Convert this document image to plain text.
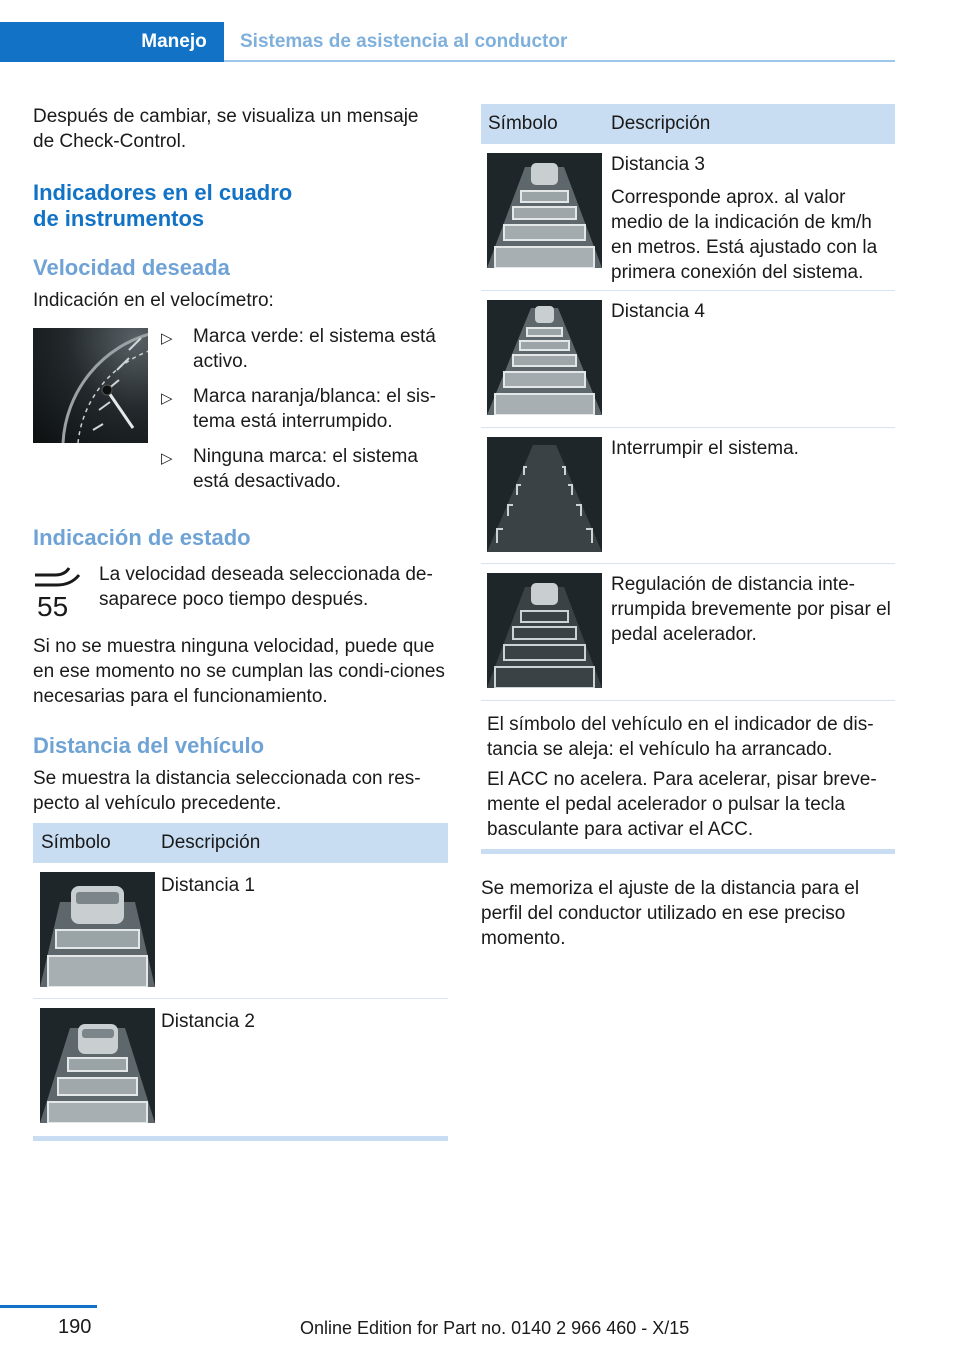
Manejo	Sistemas de asistencia al conductor
Después de cambiar, se visualiza un mensaje de Check-Control.
Indicadores en el cuadro de instrumentos
Velocidad deseada
Indicación en el velocímetro:
▷ Marca verde: el sistema está activo.
▷ Marca naranja/blanca: el sis-tema está interrumpido.
▷ Ninguna marca: el sistema está desactivado.
Indicación de estado
55
La velocidad deseada seleccionada de-saparece poco tiempo después.
Si no se muestra ninguna velocidad, puede que en ese momento no se cumplan las condi-ciones necesarias para el funcionamiento.
Distancia del vehículo
Se muestra la distancia seleccionada con res-pecto al vehículo precedente.
Símbolo	Descripción
Distancia 1
Distancia 2
Símbolo	Descripción
Distancia 3
Corresponde aprox. al valor medio de la indicación de km/h en metros. Está ajustado con la primera conexión del sistema.
Distancia 4
Interrumpir el sistema.
Regulación de distancia inte-rrumpida brevemente por pisar el pedal acelerador.
El símbolo del vehículo en el indicador de dis-tancia se aleja: el vehículo ha arrancado.
El ACC no acelera. Para acelerar, pisar breve-mente el pedal acelerador o pulsar la tecla basculante para activar el ACC.
Se memoriza el ajuste de la distancia para el perfil del conductor utilizado en ese preciso momento.
190	Online Edition for Part no. 0140 2 966 460 - X/15
